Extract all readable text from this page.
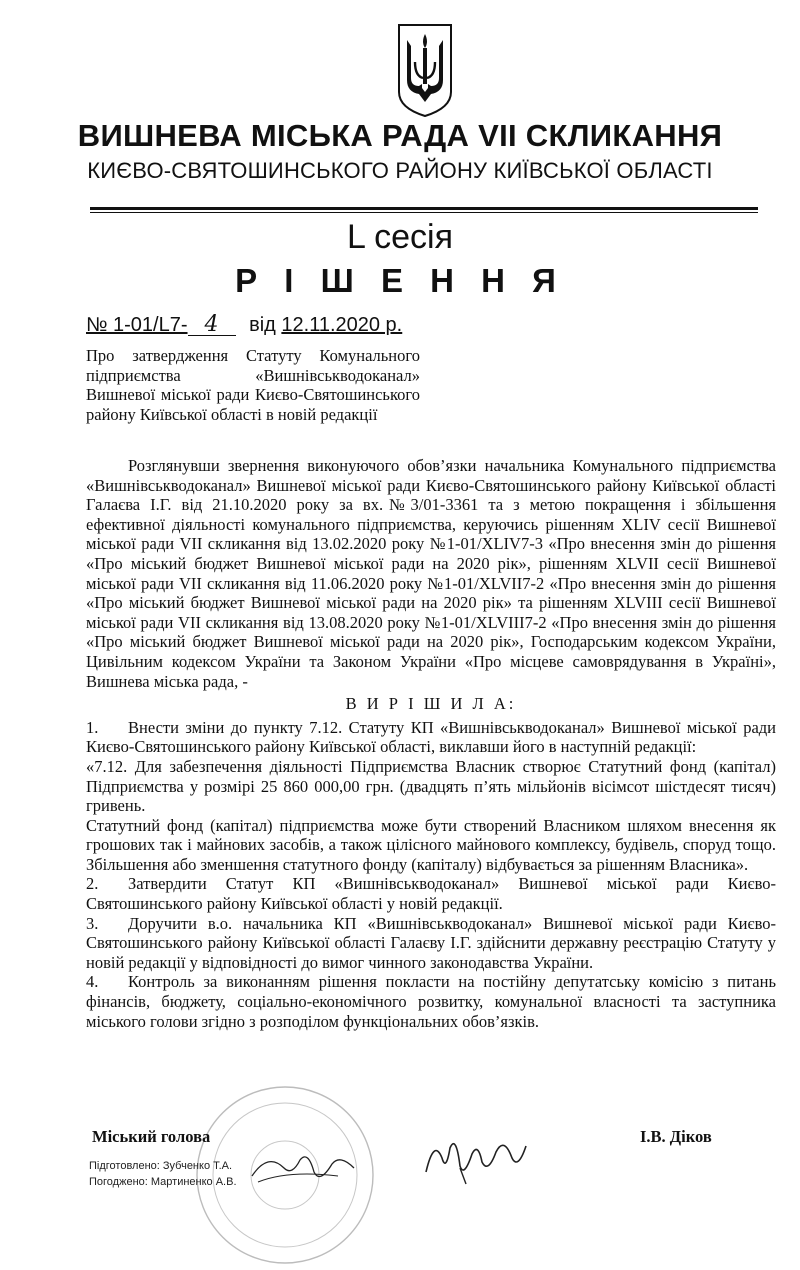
ВИШНЕВА МІСЬКА РАДА VII СКЛИКАННЯ
КИЄВО-СВЯТОШИНСЬКОГО РАЙОНУ КИЇВСЬКОЇ ОБЛАСТІ
L сесія
Р І Ш Е Н Н Я
№ 1-01/L7- 4 від 12.11.2020 р.
Про затвердження Статуту Комунального підприємства «Вишнівськводоканал» Вишневої міської ради Києво-Святошинського району Київської області в новій редакції

Розглянувши звернення виконуючого обов’язки начальника Комунального підприємства «Вишнівськводоканал» Вишневої міської ради Києво-Святошинського району Київської області Галаєва І.Г. від 21.10.2020 року за вх.№3/01-3361 та з метою покращення і збільшення ефективної діяльності комунального підприємства, керуючись рішенням XLIV сесії Вишневої міської ради VII скликання від 13.02.2020 року №1-01/XLIV7-3 «Про внесення змін до рішення «Про міський бюджет Вишневої міської ради на 2020 рік», рішенням XLVII сесії Вишневої міської ради VII скликання від 11.06.2020 року №1-01/XLVII7-2 «Про внесення змін до рішення «Про міський бюджет Вишневої міської ради на 2020 рік» та рішенням XLVIII сесії Вишневої міської ради VII скликання від 13.08.2020 року №1-01/XLVIII7-2 «Про внесення змін до рішення «Про міський бюджет Вишневої міської ради на 2020 рік», Господарським кодексом України, Цивільним кодексом України та Законом України «Про місцеве самоврядування в Україні», Вишнева міська рада, -

В И Р І Ш И Л А:

1. Внести зміни до пункту 7.12. Статуту КП «Вишнівськводоканал» Вишневої міської ради Києво-Святошинського району Київської області, виклавши його в наступній редакції:

«7.12. Для забезпечення діяльності Підприємства Власник створює Статутний фонд (капітал) Підприємства у розмірі 25 860 000,00 грн. (двадцять п’ять мільйонів вісімсот шістдесят тисяч) гривень.

Статутний фонд (капітал) підприємства може бути створений Власником шляхом внесення як грошових так і майнових засобів, а також цілісного майнового комплексу, будівель, споруд тощо. Збільшення або зменшення статутного фонду (капіталу) відбувається за рішенням Власника».

2. Затвердити Статут КП «Вишнівськводоканал» Вишневої міської ради Києво-Святошинського району Київської області у новій редакції.

3. Доручити в.о. начальника КП «Вишнівськводоканал» Вишневої міської ради Києво-Святошинського району Київської області Галаєву І.Г. здійснити державну реєстрацію Статуту у новій редакції у відповідності до вимог чинного законодавства України.

4. Контроль за виконанням рішення покласти на постійну депутатську комісію з питань фінансів, бюджету, соціально-економічного розвитку, комунальної власності та заступника міського голови згідно з розподілом функціональних обов’язків.

Міський голова	І.В. Діков
Підготовлено: Зубченко Т.А.
Погоджено: Мартиненко А.В.
